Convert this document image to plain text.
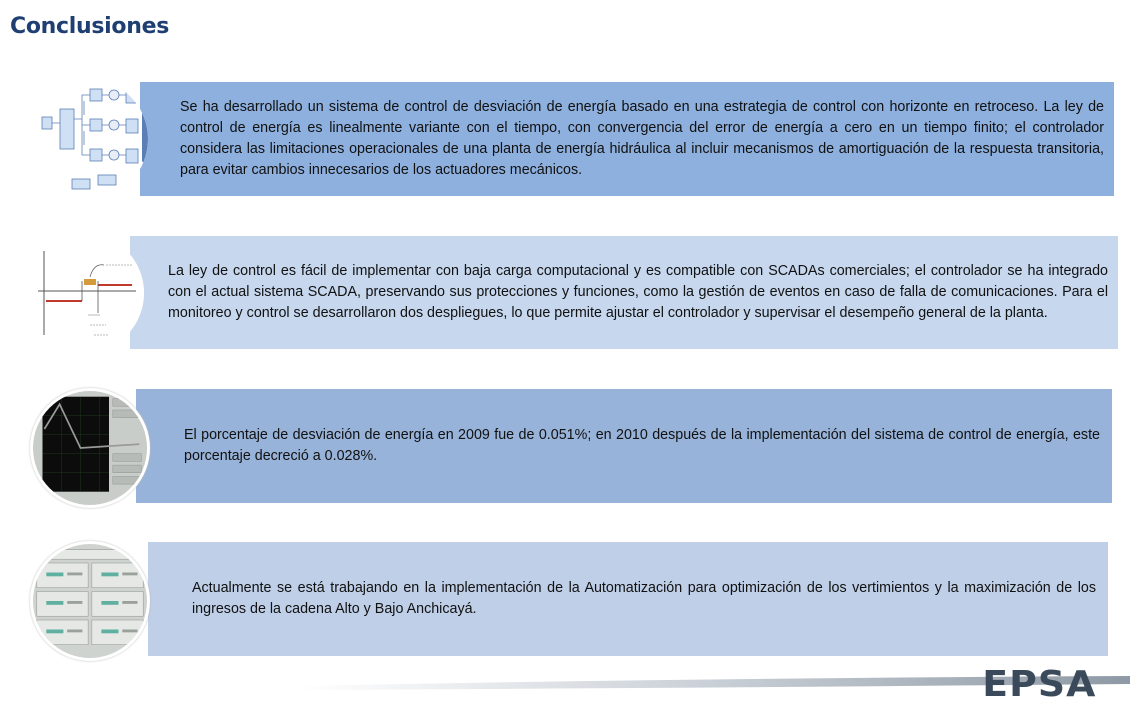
Conclusiones

Se ha desarrollado un sistema de control de desviación de energía basado en una estrategia de control con horizonte en retroceso. La ley de control de energía es linealmente variante con el tiempo, con convergencia del error de energía a cero en un tiempo finito; el controlador considera las limitaciones operacionales de una planta de energía hidráulica al incluir mecanismos de amortiguación de la respuesta transitoria, para evitar cambios innecesarios de los actuadores mecánicos.

La ley de control es fácil de implementar con baja carga computacional y es compatible con SCADAs comerciales; el controlador se ha integrado con el actual sistema SCADA, preservando sus protecciones y funciones, como la gestión de eventos en caso de falla de comunicaciones. Para el monitoreo y control se desarrollaron dos despliegues, lo que permite ajustar el controlador y supervisar el desempeño general de la planta.

El porcentaje de desviación de energía en 2009 fue de 0.051%; en 2010 después de la implementación del sistema de control de energía, este porcentaje decreció a 0.028%.

Actualmente se está trabajando en la implementación de la Automatización para optimización de los vertimientos y la maximización de los ingresos de la cadena Alto y Bajo Anchicayá.

EPSA
